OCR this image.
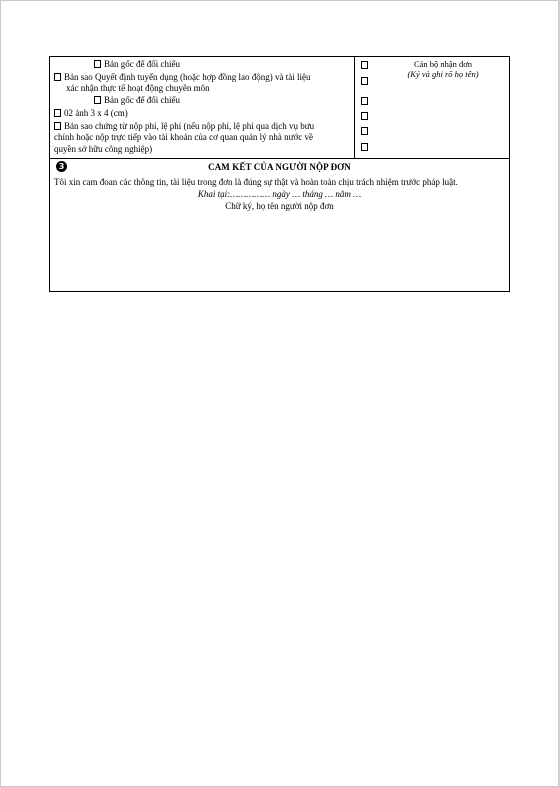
Bản gốc để đối chiếu
Bản sao Quyết định tuyển dụng (hoặc hợp đồng lao động) và tài liệu
xác nhận thực tế hoạt động chuyên môn
Bản gốc để đối chiếu
02 ảnh 3 x 4 (cm)
Bản sao chứng từ nộp phí, lệ phí (nếu nộp phí, lệ phí qua dịch vụ bưu
chính hoặc nộp trực tiếp vào tài khoản của cơ quan quản lý nhà nước về
quyền sở hữu công nghiệp)
Cán bộ nhận đơn
(Ký và ghi rõ họ tên)
3	CAM KẾT CỦA NGƯỜI NỘP ĐƠN
Tôi xin cam đoan các thông tin, tài liệu trong đơn là đúng sự thật và hoàn toàn chịu trách nhiệm trước pháp luật.
Khai tại:…………… ngày … tháng … năm …
Chữ ký, họ tên người nộp đơn
